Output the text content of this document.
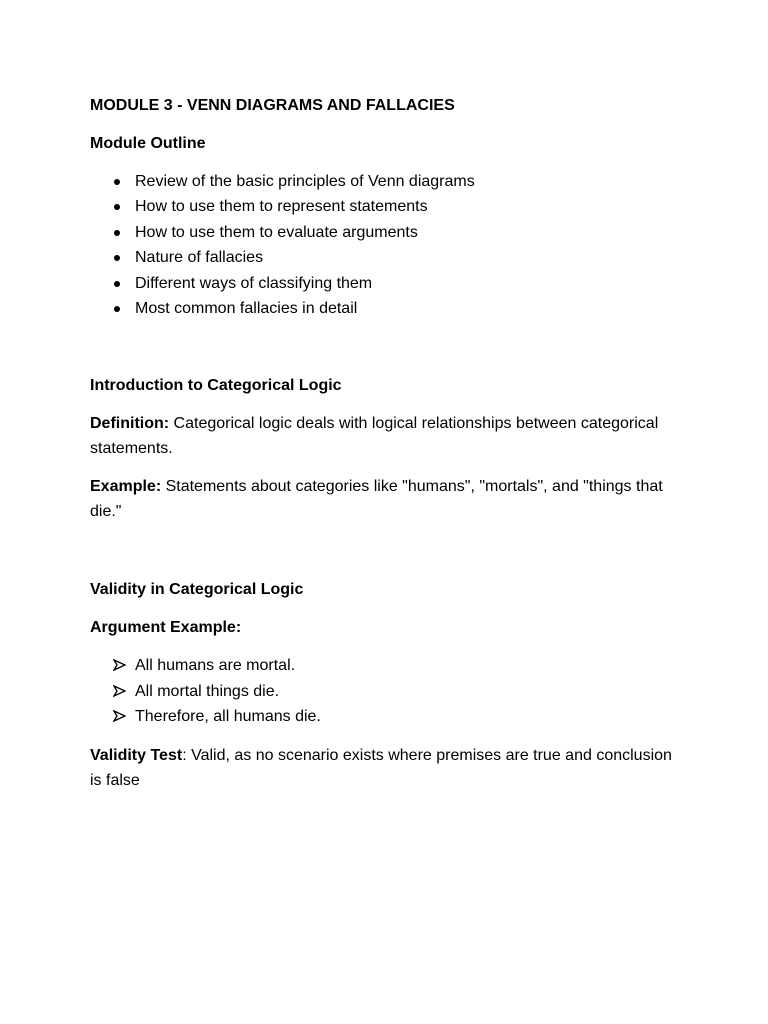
MODULE 3 - VENN DIAGRAMS AND FALLACIES

Module Outline

Review of the basic principles of Venn diagrams
How to use them to represent statements
How to use them to evaluate arguments
Nature of fallacies
Different ways of classifying them
Most common fallacies in detail

Introduction to Categorical Logic

Definition: Categorical logic deals with logical relationships between categorical statements.

Example: Statements about categories like "humans", "mortals", and "things that die."

Validity in Categorical Logic

Argument Example:

All humans are mortal.
All mortal things die.
Therefore, all humans die.

Validity Test: Valid, as no scenario exists where premises are true and conclusion is false
